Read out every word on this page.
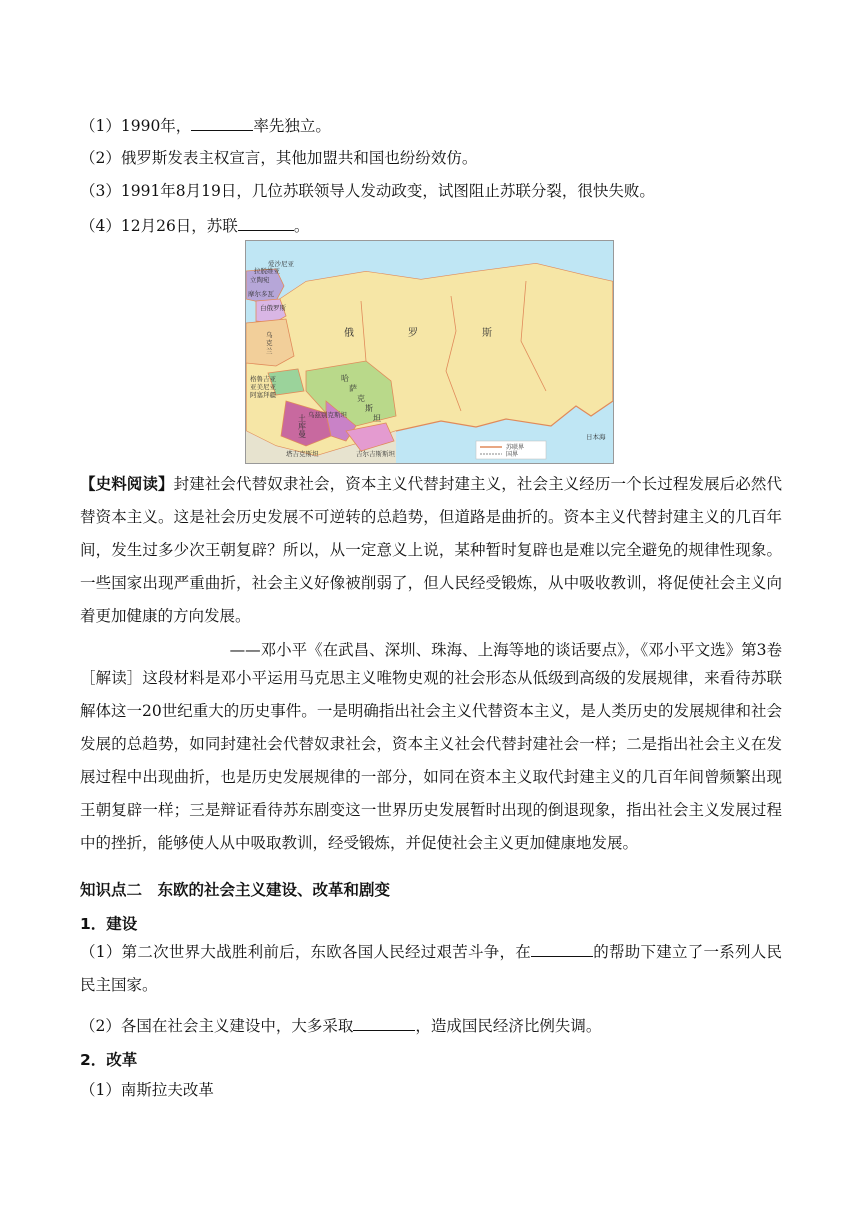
（1）1990年，	率先独立。
（2）俄罗斯发表主权宣言，其他加盟共和国也纷纷效仿。
（3）1991年8月19日，几位苏联领导人发动政变，试图阻止苏联分裂，很快失败。
（4）12月26日，苏联	。
拉脱维亚
立陶宛
爱沙尼亚
摩尔多瓦
白俄罗斯
乌
克
兰
格鲁吉亚
亚美尼亚
阿塞拜疆
乌兹别克斯坦
吉尔吉斯斯坦
塔吉克斯坦
日本海
俄	罗	斯
哈
萨
克
斯
坦
土
库
曼
苏联界
国界
【史料阅读】封建社会代替奴隶社会，资本主义代替封建主义，社会主义经历一个长过程发展后必然代替资本主义。这是社会历史发展不可逆转的总趋势，但道路是曲折的。资本主义代替封建主义的几百年间，发生过多少次王朝复辟？所以，从一定意义上说，某种暂时复辟也是难以完全避免的规律性现象。一些国家出现严重曲折，社会主义好像被削弱了，但人民经受锻炼，从中吸收教训，将促使社会主义向着更加健康的方向发展。
——邓小平《在武昌、深圳、珠海、上海等地的谈话要点》，《邓小平文选》第3卷
［解读］这段材料是邓小平运用马克思主义唯物史观的社会形态从低级到高级的发展规律，来看待苏联解体这一20世纪重大的历史事件。一是明确指出社会主义代替资本主义，是人类历史的发展规律和社会发展的总趋势，如同封建社会代替奴隶社会，资本主义社会代替封建社会一样；二是指出社会主义在发展过程中出现曲折，也是历史发展规律的一部分，如同在资本主义取代封建主义的几百年间曾频繁出现王朝复辟一样；三是辩证看待苏东剧变这一世界历史发展暂时出现的倒退现象，指出社会主义发展过程中的挫折，能够使人从中吸取教训，经受锻炼，并促使社会主义更加健康地发展。
知识点二　东欧的社会主义建设、改革和剧变
1．建设
（1）第二次世界大战胜利前后，东欧各国人民经过艰苦斗争，在	的帮助下建立了一系列人民民主国家。
（2）各国在社会主义建设中，大多采取	，造成国民经济比例失调。
2．改革
（1）南斯拉夫改革
